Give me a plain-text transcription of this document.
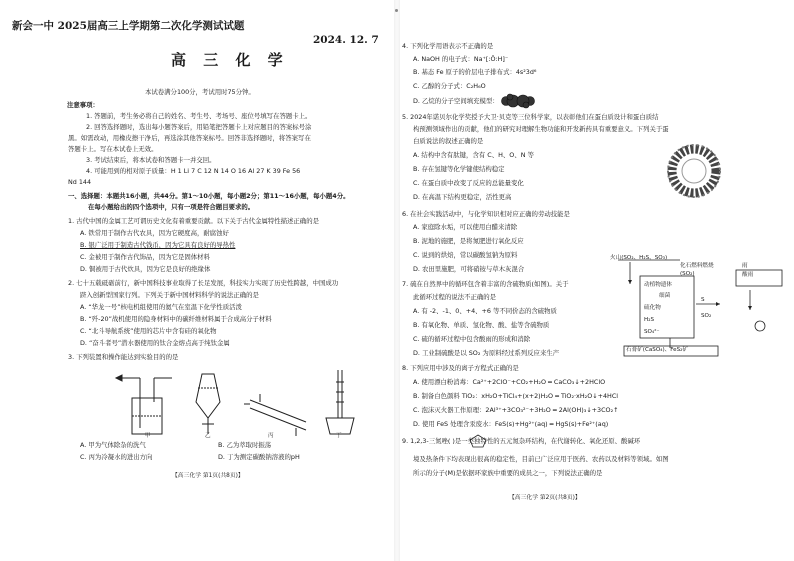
新会一中 2025届高三上学期第二次化学测试试题
2024. 12. 7
高 三 化 学
本试卷满分100分，考试用时75分钟。
注意事项：
1. 答题前，考生务必将自己的姓名、考生号、考场号、座位号填写在答题卡上。
2. 回答选择题时，选出每小题答案后，用铅笔把答题卡上对应题目的答案标号涂
黑。如需改动，用橡皮擦干净后，再选涂其他答案标号。回答非选择题时，将答案写在
答题卡上。写在本试卷上无效。
3. 考试结束后，将本试卷和答题卡一并交回。
4. 可能用到的相对原子质量：H 1 Li 7 C 12 N 14 O 16 Al 27 K 39 Fe 56
Nd 144
一、选择题：本题共16小题，共44分。第1～10小题，每小题2分；第11～16小题，每小题4分。
在每小题给出的四个选项中，只有一项是符合题目要求的。
1. 古代中国的金属工艺可谓历史文化有着重要贡献。以下关于古代金属特性描述正确的是
A. 铁常用于制作古代农具，因为它硬度高，耐腐蚀好
B. 银广泛用于制造古代钱币，因为它具有良好的导热性
C. 金被用于制作古代饰品，因为它是固体材料
D. 铜被用于古代炊具，因为它是良好的绝缘体
2. 七十五载砥砺前行，新中国科技事业取得了长足发展，科技实力实现了历史性跨越，中国成功
跻入创新型国家行列。下列关于新中国材料科学的说法正确的是
A. “华龙一号”核电机组使用的氦气在室温下化学性质活泼
B. “歼-20”战机使用的隐身材料中的碳纤维材料属于合成高分子材料
C. “北斗导航系统”使用的芯片中含有硅的氧化物
D. “奋斗者号”潜水器使用的钛合金熔点高于纯钛金属
3. 下列装置和操作能达到实验目的的是
甲	乙	丙	丁
A. 甲为气体除杂的洗气	B. 乙为萃取时振荡
C. 丙为冷凝水的进出方向	D. 丁为测定碳酸钠溶液的pH
【高三化学 第1页(共8页)】
4. 下列化学用语表示不正确的是
A. NaOH 的电子式：Na⁺[:Ö:H]⁻
B. 基态 Fe 原子的价层电子排布式：4s²3d⁶
C. 乙醇的分子式：C₂H₆O
D. 乙烷的分子空间填充模型：
5. 2024年诺贝尔化学奖授予大卫·贝克等三位科学家，以表彰他们在蛋白质设计和蛋白质结
构预测领域作出的贡献，他们的研究对理解生物功能和开发新药具有重要意义。下列关于蛋
白质说法的叙述正确的是
A. 结构中含有肽键，含有 C、H、O、N 等
B. 存在氢键等化学键使结构稳定
C. 在蛋白质中改变了反应的总能量变化
D. 在高温下结构更稳定，活性更高
6. 在社会实践活动中，与化学知识相对应正确的劳动技能是
A. 家庭除水垢，可以使用白醋来清除
B. 泥地的施肥，是将氮肥进行氧化反应
C. 说到的烘焙，常以碳酸氢钠为原料
D. 农田里施肥，可将硝铵与草木灰混合
7. 硫在自然界中的循环包含着丰富的含硫物质(如图)。关于
此循环过程的说法不正确的是
A. 有 -2、-1、0、+4、+6 等不同价态的含硫物质
B. 有氧化物、单质、氢化物、酸、盐等含硫物质
C. 硫的循环过程中包含酸雨的形成和消除
D. 工业制硫酸是以 SO₂ 为原料经过系列反应来生产
火山(SO₂、H₂S、SO₃)
化石燃料燃烧
(SO₂)
雨
酸雨
动植物遗体
细菌
硫化物
S
H₂S
SO₂
SO₄²⁻
石膏矿(CaSO₄)、FeS₂矿
8. 下列应用中涉及的离子方程式正确的是
A. 使用漂白粉消毒：Ca²⁺+2ClO⁻+CO₂+H₂O ═ CaCO₃↓+2HClO
B. 制备白色颜料 TiO₂：xH₂O+TiCl₄+(x+2)H₂O ═ TiO₂·xH₂O↓+4HCl
C. 泡沫灭火器工作原理：2Al³⁺+3CO₃²⁻+3H₂O ═ 2Al(OH)₃↓+3CO₂↑
D. 使用 FeS 处理含汞废水：FeS(s)+Hg²⁺(aq) ═ HgS(s)+Fe²⁺(aq)
9. 1,2,3-三氮唑( )是一类独特性的五元氮杂环结构，在代谢转化、氧化还原、酸碱环
境及热条件下均表现出很高的稳定性，目前已广泛应用于医药、农药以及材料等领域。如图
所示的分子(M)是依据环家族中重要的成员之一，下列说法正确的是
【高三化学 第2页(共8页)】
